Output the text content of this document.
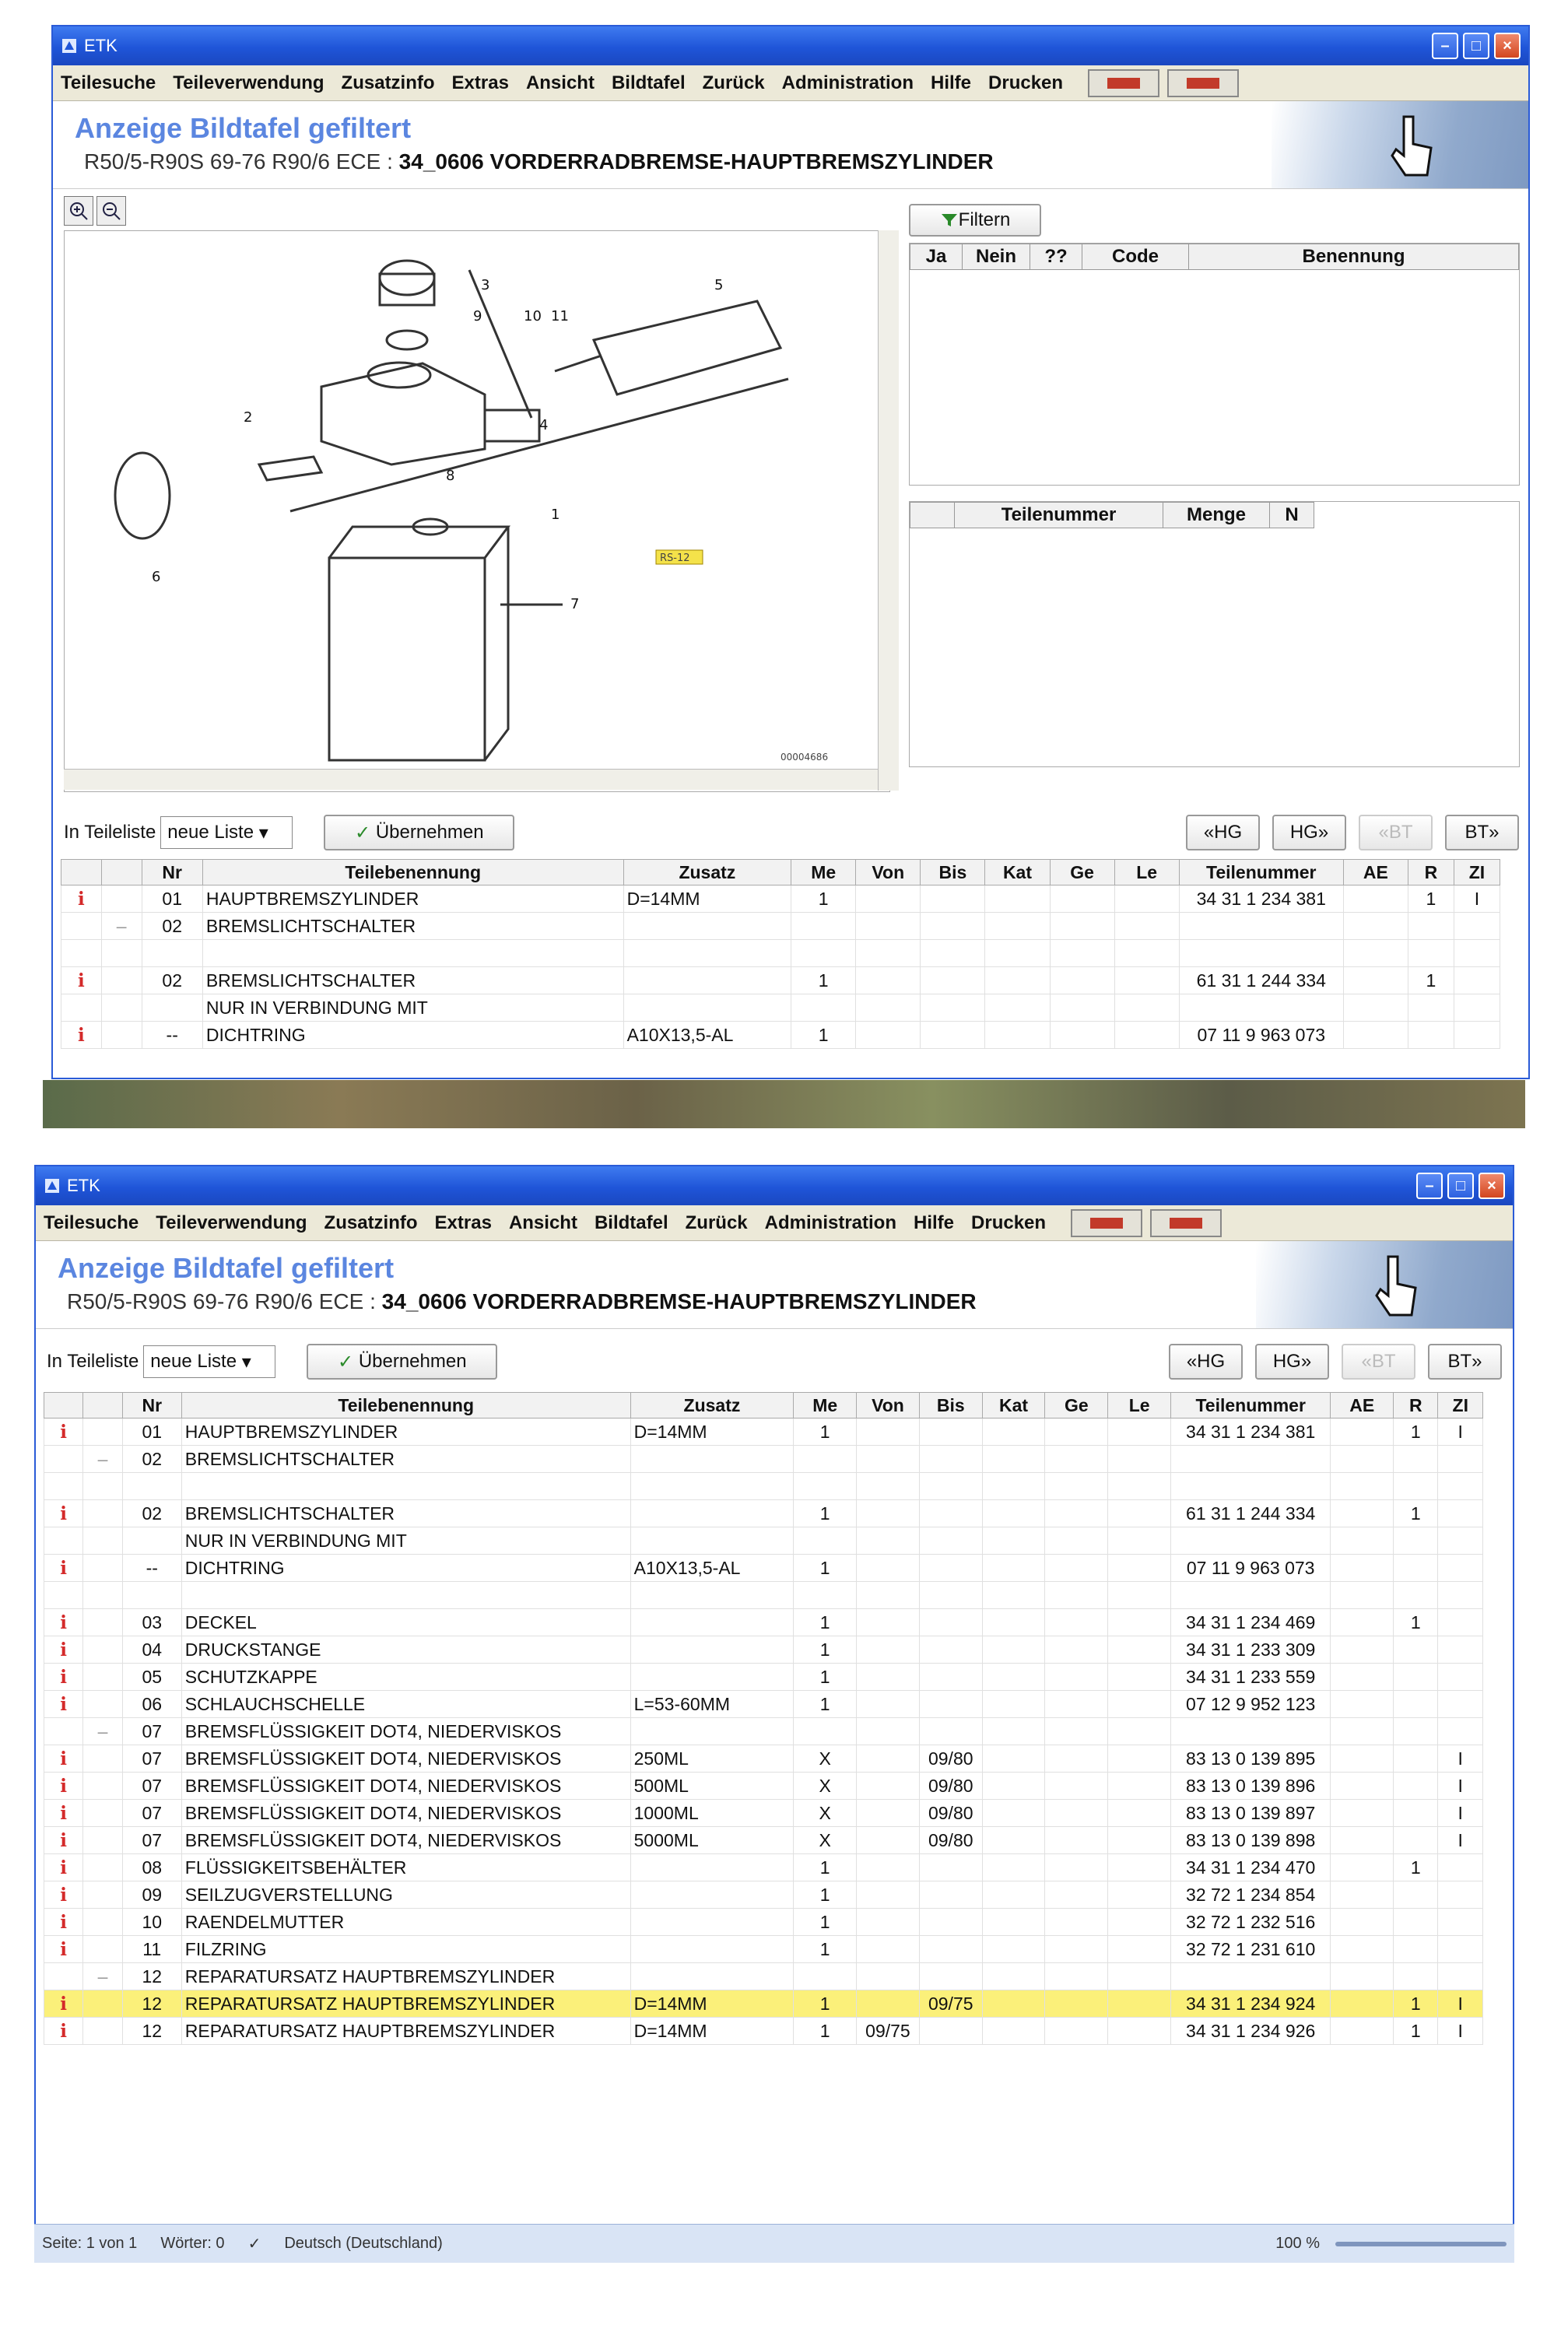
ETK	–	□	×
Teilesuche Teileverwendung Zusatzinfo Extras Ansicht Bildtafel Zurück Administration Hilfe Drucken
Anzeige Bildtafel gefiltert
R50/5-R90S 69-76 R90/6 ECE : 34_0606 VORDERRADBREMSE-HAUPTBREMSZYLINDER
3
9	10 11
5
2	4
8
1
6
7
RS-12
00004686
Filtern
Ja	Nein	??	Code	Benennung
	Teilenummer	Menge	N
In Teileliste neue Liste ▾	✓
Übernehmen	«HG	HG»	«BT	BT»
		Nr	Teilebenennung	Zusatz	Me	Von	Bis	Kat	Ge	Le	Teilenummer	AE	R	ZI
i		01	HAUPTBREMSZYLINDER	D=14MM	1						34 31 1 234 381		1	I
	–	02	BREMSLICHTSCHALTER											

i		02	BREMSLICHTSCHALTER		1						61 31 1 244 334		1	
			NUR IN VERBINDUNG MIT											
i		--	DICHTRING	A10X13,5-AL	1						07 11 9 963 073			
ETK	–	□	×
Teilesuche Teileverwendung Zusatzinfo Extras Ansicht Bildtafel Zurück Administration Hilfe Drucken
Anzeige Bildtafel gefiltert
R50/5-R90S 69-76 R90/6 ECE : 34_0606 VORDERRADBREMSE-HAUPTBREMSZYLINDER
In Teileliste neue Liste ▾	✓
Übernehmen	«HG	HG»	«BT	BT»
		Nr	Teilebenennung	Zusatz	Me	Von	Bis	Kat	Ge	Le	Teilenummer	AE	R	ZI
i		01	HAUPTBREMSZYLINDER	D=14MM	1						34 31 1 234 381		1	I
	–	02	BREMSLICHTSCHALTER											

i		02	BREMSLICHTSCHALTER		1						61 31 1 244 334		1	
			NUR IN VERBINDUNG MIT											
i		--	DICHTRING	A10X13,5-AL	1						07 11 9 963 073			

i		03	DECKEL		1						34 31 1 234 469		1	
i		04	DRUCKSTANGE		1						34 31 1 233 309			
i		05	SCHUTZKAPPE		1						34 31 1 233 559			
i		06	SCHLAUCHSCHELLE	L=53-60MM	1						07 12 9 952 123			
	–	07	BREMSFLÜSSIGKEIT DOT4, NIEDERVISKOS											
i		07	BREMSFLÜSSIGKEIT DOT4, NIEDERVISKOS	250ML	X		09/80				83 13 0 139 895			I
i		07	BREMSFLÜSSIGKEIT DOT4, NIEDERVISKOS	500ML	X		09/80				83 13 0 139 896			I
i		07	BREMSFLÜSSIGKEIT DOT4, NIEDERVISKOS	1000ML	X		09/80				83 13 0 139 897			I
i		07	BREMSFLÜSSIGKEIT DOT4, NIEDERVISKOS	5000ML	X		09/80				83 13 0 139 898			I
i		08	FLÜSSIGKEITSBEHÄLTER		1						34 31 1 234 470		1	
i		09	SEILZUGVERSTELLUNG		1						32 72 1 234 854			
i		10	RAENDELMUTTER		1						32 72 1 232 516			
i		11	FILZRING		1						32 72 1 231 610			
	–	12	REPARATURSATZ HAUPTBREMSZYLINDER											
i		12	REPARATURSATZ HAUPTBREMSZYLINDER	D=14MM	1		09/75				34 31 1 234 924		1	I
i		12	REPARATURSATZ HAUPTBREMSZYLINDER	D=14MM	1	09/75					34 31 1 234 926		1	I
Seite: 1 von 1 Wörter: 0 ✓ Deutsch (Deutschland)	100 %
